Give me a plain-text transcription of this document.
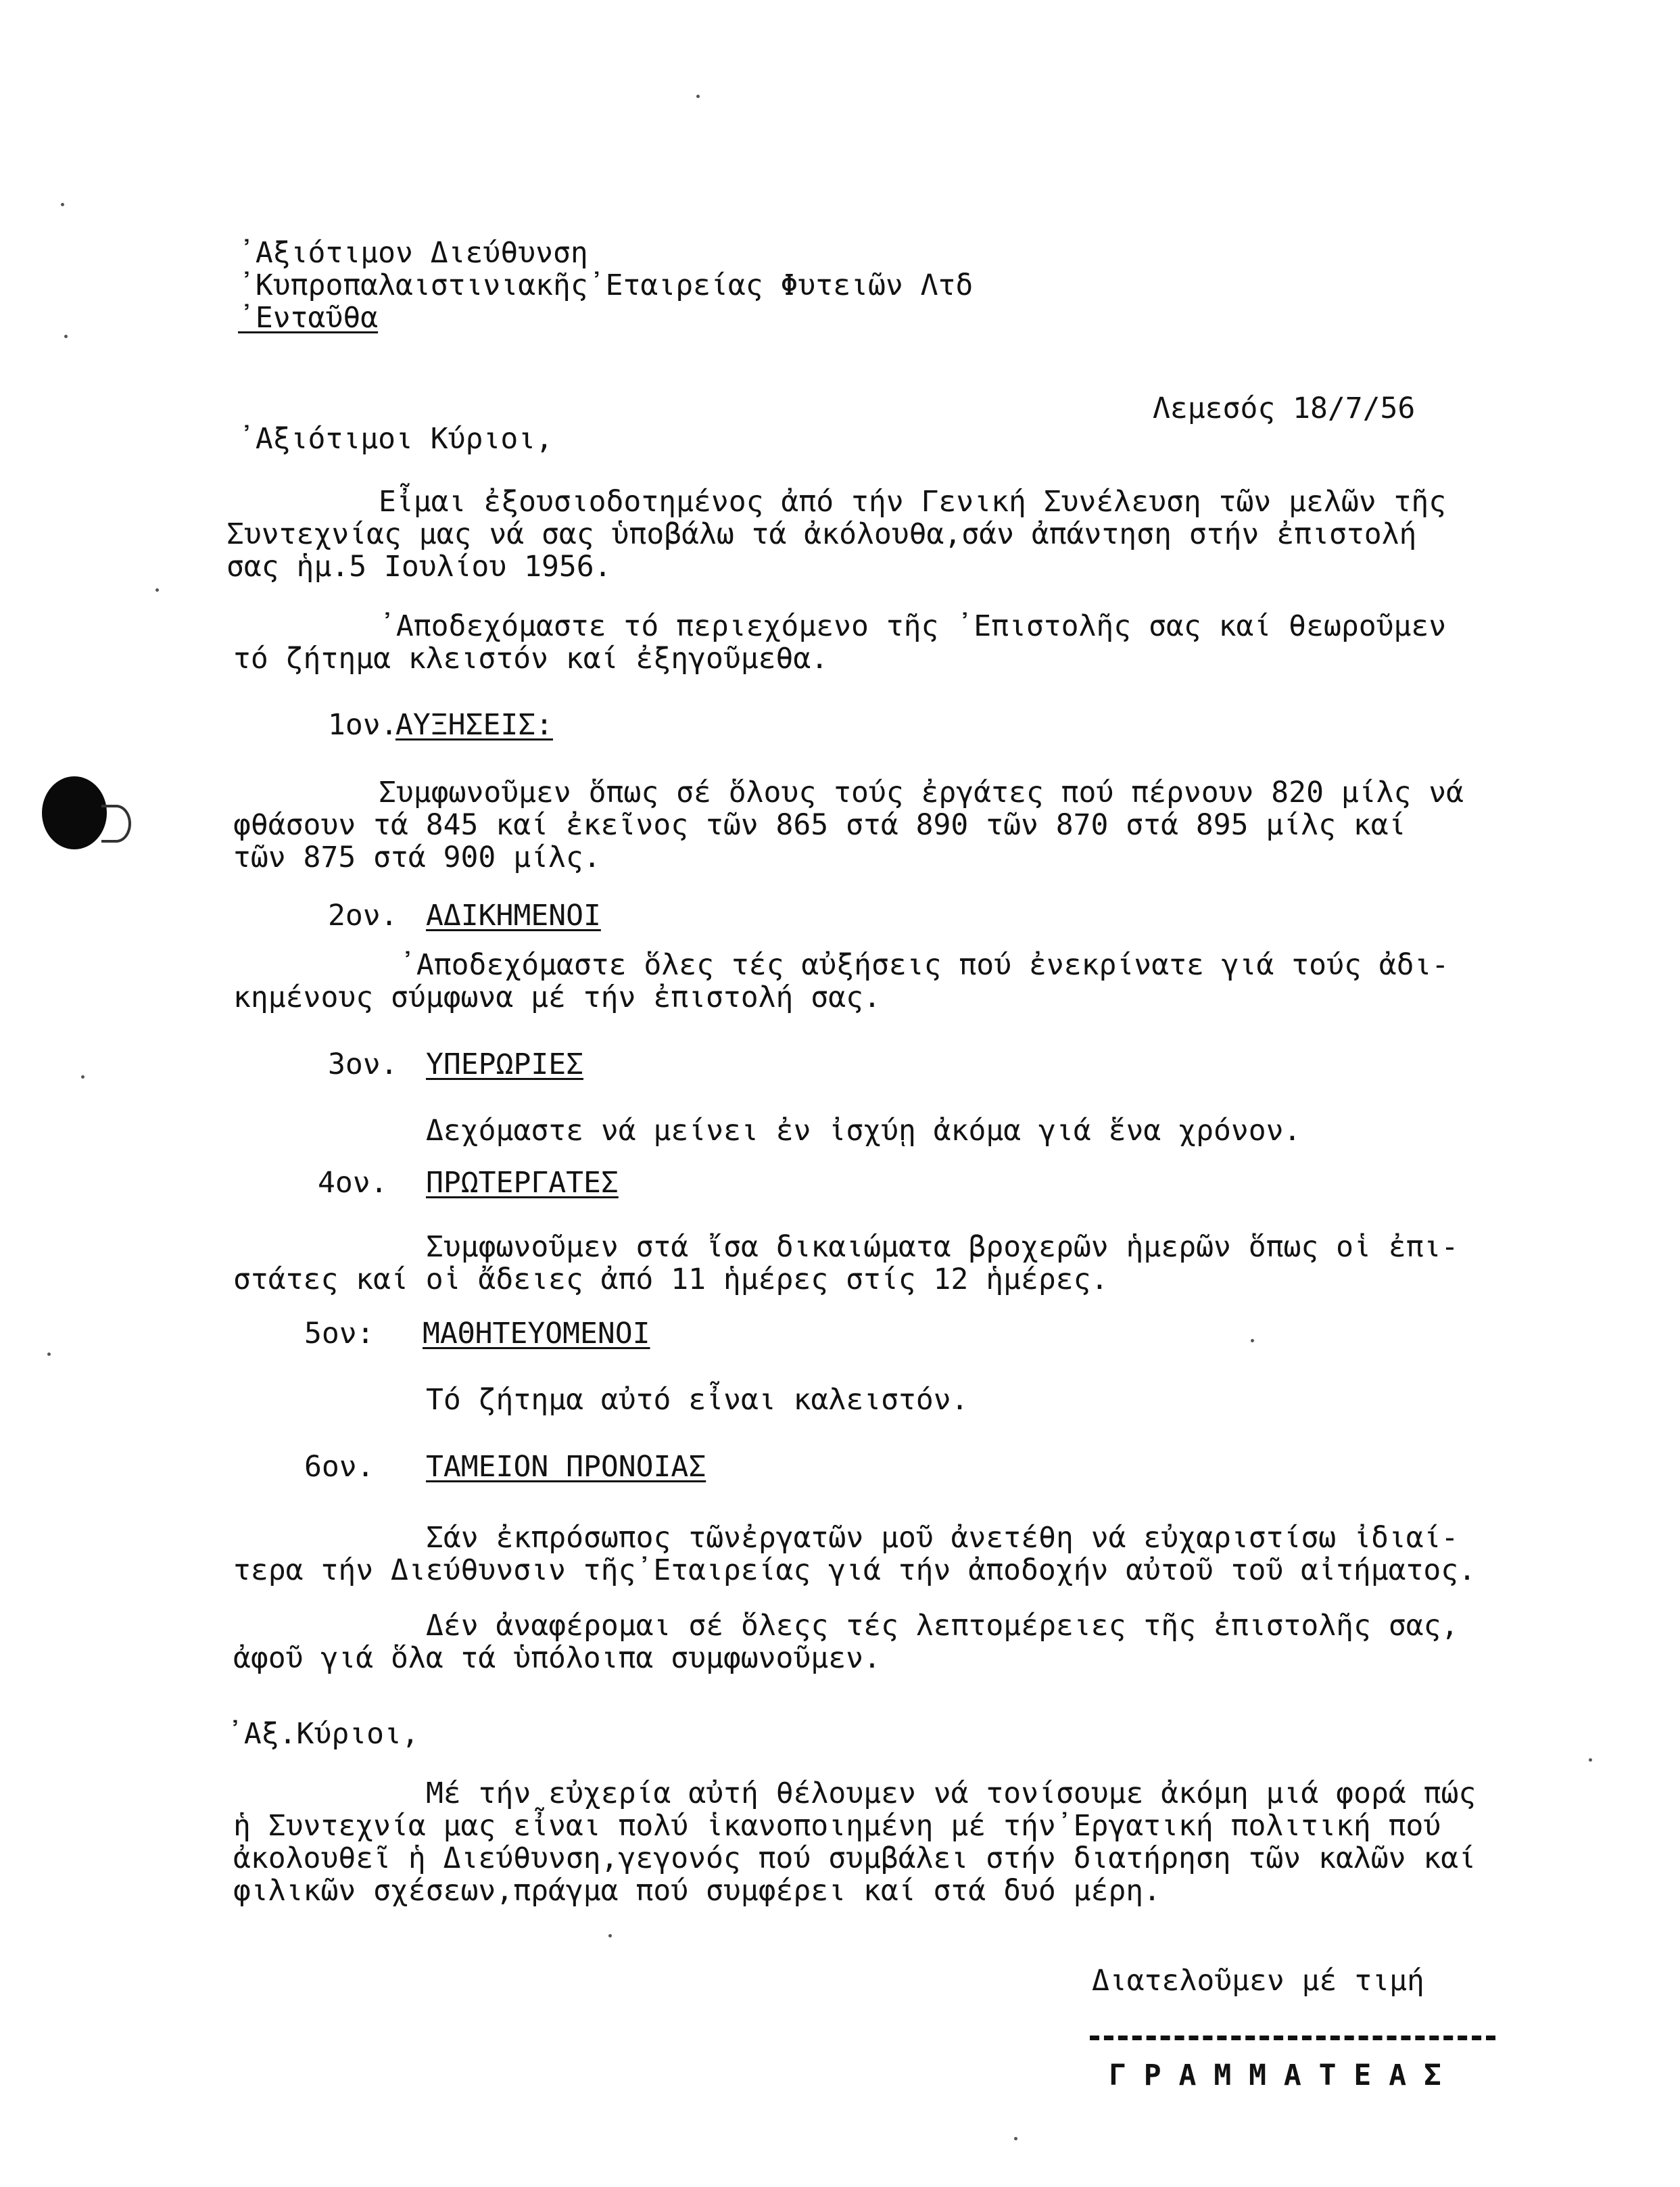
᾽Αξιότιμον Διεύθυνση
᾽Κυπροπαλαιστινιακῆς᾽Εταιρείας Φυτειῶν Λτδ
᾽Ενταῦθα
Λεμεσός 18/7/56
᾽Αξιότιμοι Κύριοι,
Εἶμαι ἐξουσιοδοτημένος ἀπό τήν Γενική Συνέλευση τῶν μελῶν τῆς
Συντεχνίας μας νά σας ὑποβάλω τά ἀκόλουθα,σάν ἀπάντηση στήν ἐπιστολή
σας ἡμ.5 Ιουλίου 1956.
᾽Αποδεχόμαστε τό περιεχόμενο τῆς ᾽Επιστολῆς σας καί θεωροῦμεν
τό ζήτημα κλειστόν καί ἐξηγοῦμεθα.
1ον.
ΑΥΞΗΣΕΙΣ:
Συμφωνοῦμεν ὅπως σέ ὅλους τούς ἐργάτες πού πέρνουν 820 μίλς νά
φθάσουν τά 845 καί ἐκεῖνος τῶν 865 στά 890 τῶν 870 στά 895 μίλς καί
τῶν 875 στά 900 μίλς.
2ον. ΑΔΙΚΗΜΕΝΟΙ
᾽Αποδεχόμαστε ὅλες τές αὐξήσεις πού ἐνεκρίνατε γιά τούς ἀδι-
κημένους σύμφωνα μέ τήν ἐπιστολή σας.
3ον. ΥΠΕΡΩΡΙΕΣ
Δεχόμαστε νά μείνει ἐν ἰσχύῃ ἀκόμα γιά ἕνα χρόνον.
4ον. ΠΡΩΤΕΡΓΑΤΕΣ
Συμφωνοῦμεν στά ἴσα δικαιώματα βροχερῶν ἡμερῶν ὅπως οἱ ἐπι-
στάτες καί οἱ ἄδειες ἀπό 11 ἡμέρες στίς 12 ἡμέρες.
5ον: ΜΑΘΗΤΕΥΟΜΕΝΟΙ
Τό ζήτημα αὐτό εἶναι καλειστόν.
6ον. ΤΑΜΕΙΟΝ ΠΡΟΝΟΙΑΣ
Σάν ἐκπρόσωπος τῶνἐργατῶν μοῦ ἀνετέθη νά εὐχαριστίσω ἰδιαί-
τερα τήν Διεύθυνσιν τῆς᾽Εταιρείας γιά τήν ἀποδοχήν αὐτοῦ τοῦ αἰτήματος.
Δέν ἀναφέρομαι σέ ὅλεςς τές λεπτομέρειες τῆς ἐπιστολῆς σας,
ἀφοῦ γιά ὅλα τά ὑπόλοιπα συμφωνοῦμεν.
᾽Αξ.Κύριοι,
Μέ τήν εὐχερία αὐτή θέλουμεν νά τονίσουμε ἀκόμη μιά φορά πώς
ἡ Συντεχνία μας εἶναι πολύ ἱκανοποιημένη μέ τήν᾽Εργατική πολιτική πού
ἀκολουθεῖ ἡ Διεύθυνση,γεγονός πού συμβάλει στήν διατήρηση τῶν καλῶν καί
φιλικῶν σχέσεων,πράγμα πού συμφέρει καί στά δυό μέρη.
Διατελοῦμεν μέ τιμή
Γ Ρ Α Μ Μ Α Τ Ε Α Σ
